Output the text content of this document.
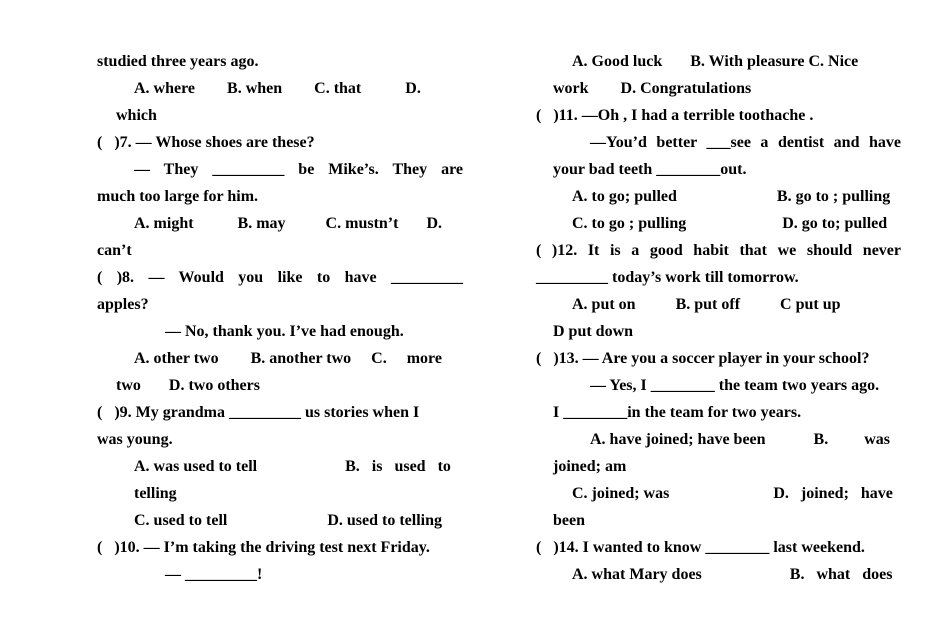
studied three years ago.
A. where        B. when        C. that           D.
which
(   )7. — Whose shoes are these?
— They _________ be Mike’s. They are
much too large for him.
A. might           B. may          C. mustn’t       D.
can’t
( )8. — Would you like to have _________
apples?
— No, thank you. I’ve had enough.
A. other two        B. another two     C.     more
two       D. two others
(   )9. My grandma _________ us stories when I
was young.
A. was used to tell                      B.   is   used   to
telling
C. used to tell                         D. used to telling
(   )10. — I’m taking the driving test next Friday.
— _________!
A. Good luck       B. With pleasure C. Nice
work        D. Congratulations
(   )11. —Oh , I had a terrible toothache .
—You’d better ___see a dentist and have
your bad teeth ________out.
A. to go; pulled                         B. go to ; pulling
C. to go ; pulling                        D. go to; pulled
( )12. It is a good habit that we should never
_________ today’s work till tomorrow.
A. put on          B. put off          C put up
D put down
(   )13. — Are you a soccer player in your school?
— Yes, I ________ the team two years ago.
I ________in the team for two years.
A. have joined; have been            B.         was
joined; am
C. joined; was                          D.   joined;   have
been
(   )14. I wanted to know ________ last weekend.
A. what Mary does                      B.   what   does
